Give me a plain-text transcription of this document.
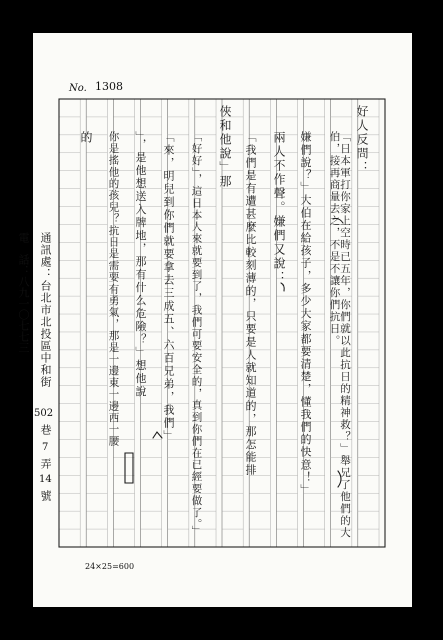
No. 1308
好人反問：
「日本軍打你家上空時已五年，你們就以此抗日的精神救？」舉兄了他們的大伯，接再商量去之，不是不讓你們抗日。
嫌們說？」大伯在給孩子，多少大家都要清楚，懂我們的快意！」
兩人不作聲。嫌們又說：
「我們是有遭甚麼比較刻薄的，只要是人就知道的，那怎能排
俠和他說」那
「好好」，這日本人來就要到了，我們可要安全的，真到你們在已經要做了。」
「來，明兒到你們就要拿去三成五、六百兄弟，我們」
」，是他想送入牌地，那有什么危險？」想他說
你是搖他的孩兒？抗日是需要有勇氣，那是一邊東一邊西一腰
的
24×25=600
通訊處：台北市北投區中和街
502
巷
7
弄
14
號
電　話：八九一〇七七三
